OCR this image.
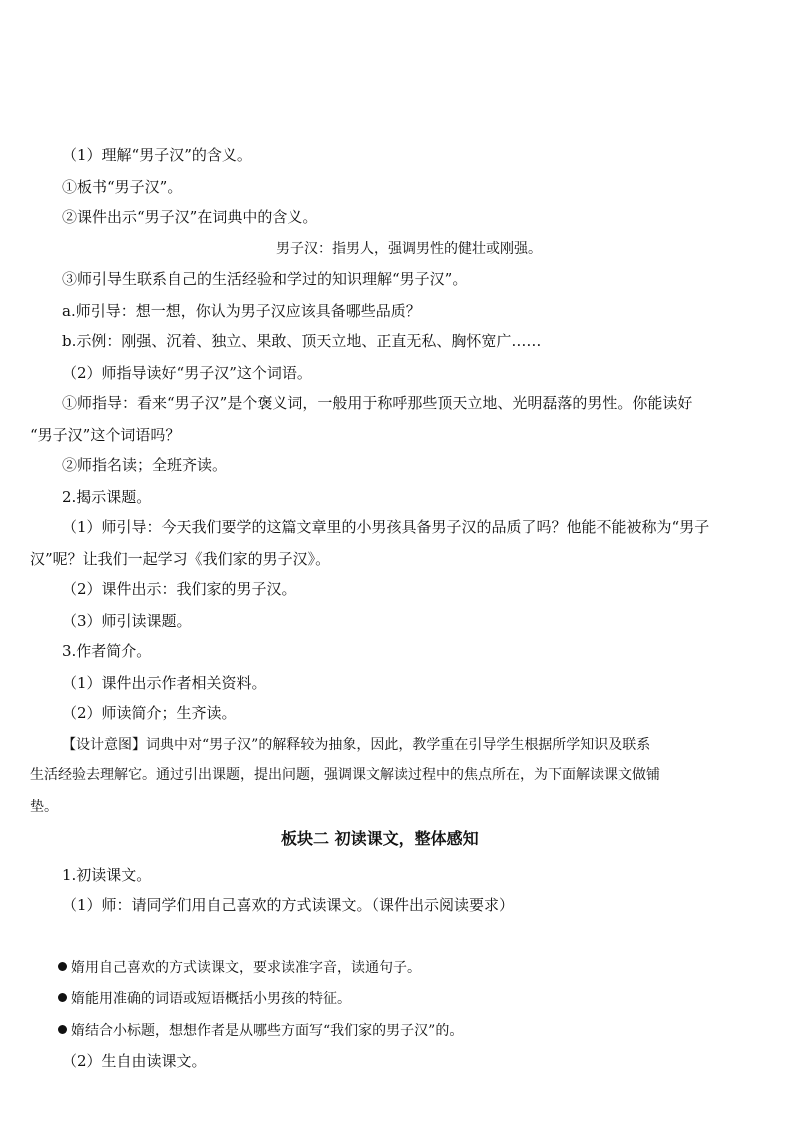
（1）理解“男子汉”的含义。
①板书“男子汉”。
②课件出示“男子汉”在词典中的含义。
男子汉：指男人，强调男性的健壮或刚强。
③师引导生联系自己的生活经验和学过的知识理解“男子汉”。
a.师引导：想一想，你认为男子汉应该具备哪些品质？
b.示例：刚强、沉着、独立、果敢、顶天立地、正直无私、胸怀宽广……
（2）师指导读好“男子汉”这个词语。
①师指导：看来“男子汉”是个褒义词，一般用于称呼那些顶天立地、光明磊落的男性。你能读好
“男子汉”这个词语吗？
②师指名读；全班齐读。
2.揭示课题。
（1）师引导：今天我们要学的这篇文章里的小男孩具备男子汉的品质了吗？他能不能被称为“男子
汉”呢？让我们一起学习《我们家的男子汉》。
（2）课件出示：我们家的男子汉。
（3）师引读课题。
3.作者简介。
（1）课件出示作者相关资料。
（2）师读简介；生齐读。
【设计意图】词典中对“男子汉”的解释较为抽象，因此，教学重在引导学生根据所学知识及联系
生活经验去理解它。通过引出课题，提出问题，强调课文解读过程中的焦点所在，为下面解读课文做铺
垫。
板块二 初读课文，整体感知
1.初读课文。
（1）师：请同学们用自己喜欢的方式读课文。（课件出示阅读要求）
媠用自己喜欢的方式读课文，要求读准字音，读通句子。
媠能用准确的词语或短语概括小男孩的特征。
媠结合小标题，想想作者是从哪些方面写“我们家的男子汉”的。
（2）生自由读课文。
